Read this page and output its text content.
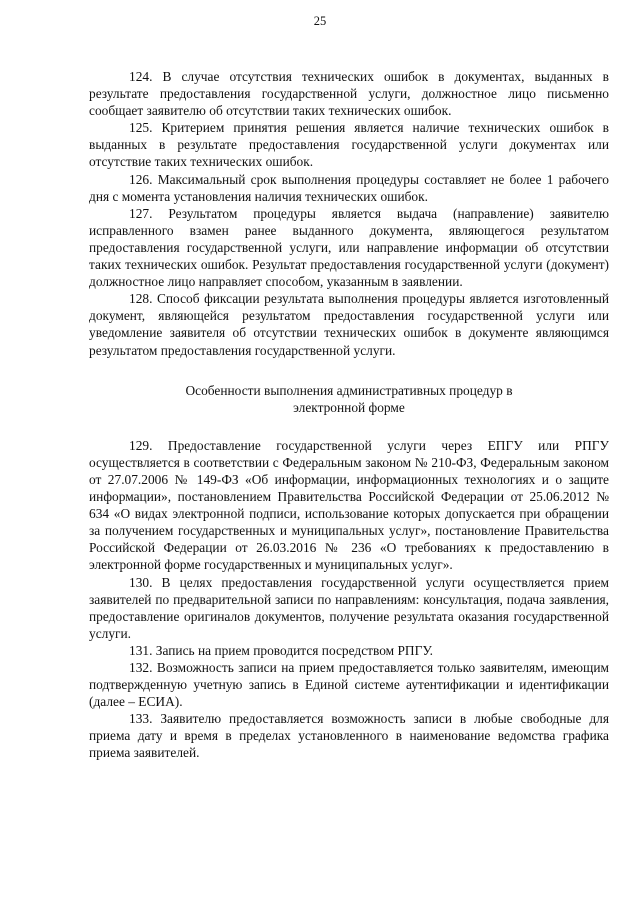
25

124. В случае отсутствия технических ошибок в документах, выданных в результате предоставления государственной услуги, должностное лицо письменно сообщает заявителю об отсутствии таких технических ошибок.

125. Критерием принятия решения является наличие технических ошибок в выданных в результате предоставления государственной услуги документах или отсутствие таких технических ошибок.

126. Максимальный срок выполнения процедуры составляет не более 1 рабочего дня с момента установления наличия технических ошибок.

127. Результатом процедуры является выдача (направление) заявителю исправленного взамен ранее выданного документа, являющегося результатом предоставления государственной услуги, или направление информации об отсутствии таких технических ошибок. Результат предоставления государственной услуги (документ) должностное лицо направляет способом, указанным в заявлении.

128. Способ фиксации результата выполнения процедуры является изготовленный документ, являющейся результатом предоставления государственной услуги или уведомление заявителя об отсутствии технических ошибок в документе являющимся результатом предоставления государственной услуги.

Особенности выполнения административных процедур в
электронной форме

129. Предоставление государственной услуги через ЕПГУ или РПГУ осуществляется в соответствии с Федеральным законом № 210-ФЗ, Федеральным законом от 27.07.2006 № 149-ФЗ «Об информации, информационных технологиях и о защите информации», постановлением Правительства Российской Федерации от 25.06.2012 № 634 «О видах электронной подписи, использование которых допускается при обращении за получением государственных и муниципальных услуг», постановление Правительства Российской Федерации от 26.03.2016 № 236 «О требованиях к предоставлению в электронной форме государственных и муниципальных услуг».

130. В целях предоставления государственной услуги осуществляется прием заявителей по предварительной записи по направлениям: консультация, подача заявления, предоставление оригиналов документов, получение результата оказания государственной услуги.

131. Запись на прием проводится посредством РПГУ.

132. Возможность записи на прием предоставляется только заявителям, имеющим подтвержденную учетную запись в Единой системе аутентификации и идентификации (далее – ЕСИА).

133. Заявителю предоставляется возможность записи в любые свободные для приема дату и время в пределах установленного в наименование ведомства графика приема заявителей.
